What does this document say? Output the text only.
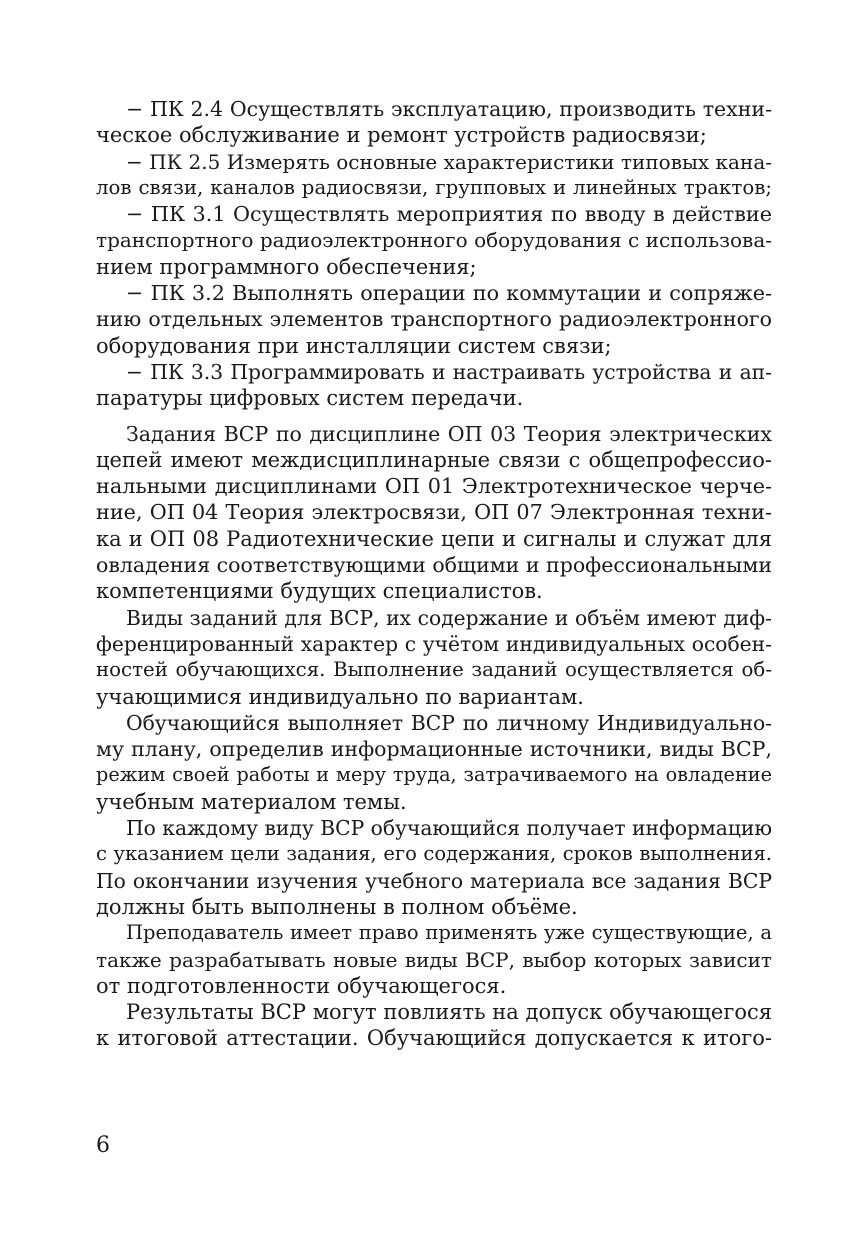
− ПК 2.4 Осуществлять эксплуатацию, производить техни-
ческое обслуживание и ремонт устройств радиосвязи;
− ПК 2.5 Измерять основные характеристики типовых кана-
лов связи, каналов радиосвязи, групповых и линейных трактов;
− ПК 3.1 Осуществлять мероприятия по вводу в действие
транспортного радиоэлектронного оборудования с использова-
нием программного обеспечения;
− ПК 3.2 Выполнять операции по коммутации и сопряже-
нию отдельных элементов транспортного радиоэлектронного
оборудования при инсталляции систем связи;
− ПК 3.3 Программировать и настраивать устройства и ап-
паратуры цифровых систем передачи.
Задания ВСР по дисциплине ОП 03 Теория электрических
цепей имеют междисциплинарные связи с общепрофессио-
нальными дисциплинами ОП 01 Электротехническое черче-
ние, ОП 04 Теория электросвязи, ОП 07 Электронная техни-
ка и ОП 08 Радиотехнические цепи и сигналы и служат для
овладения соответствующими общими и профессиональными
компетенциями будущих специалистов.
Виды заданий для ВСР, их содержание и объём имеют диф-
ференцированный характер с учётом индивидуальных особен-
ностей обучающихся. Выполнение заданий осуществляется об-
учающимися индивидуально по вариантам.
Обучающийся выполняет ВСР по личному Индивидуально-
му плану, определив информационные источники, виды ВСР,
режим своей работы и меру труда, затрачиваемого на овладение
учебным материалом темы.
По каждому виду ВСР обучающийся получает информацию
с указанием цели задания, его содержания, сроков выполнения.
По окончании изучения учебного материала все задания ВСР
должны быть выполнены в полном объёме.
Преподаватель имеет право применять уже существующие, а
также разрабатывать новые виды ВСР, выбор которых зависит
от подготовленности обучающегося.
Результаты ВСР могут повлиять на допуск обучающегося
к итоговой аттестации. Обучающийся допускается к итого-
6
